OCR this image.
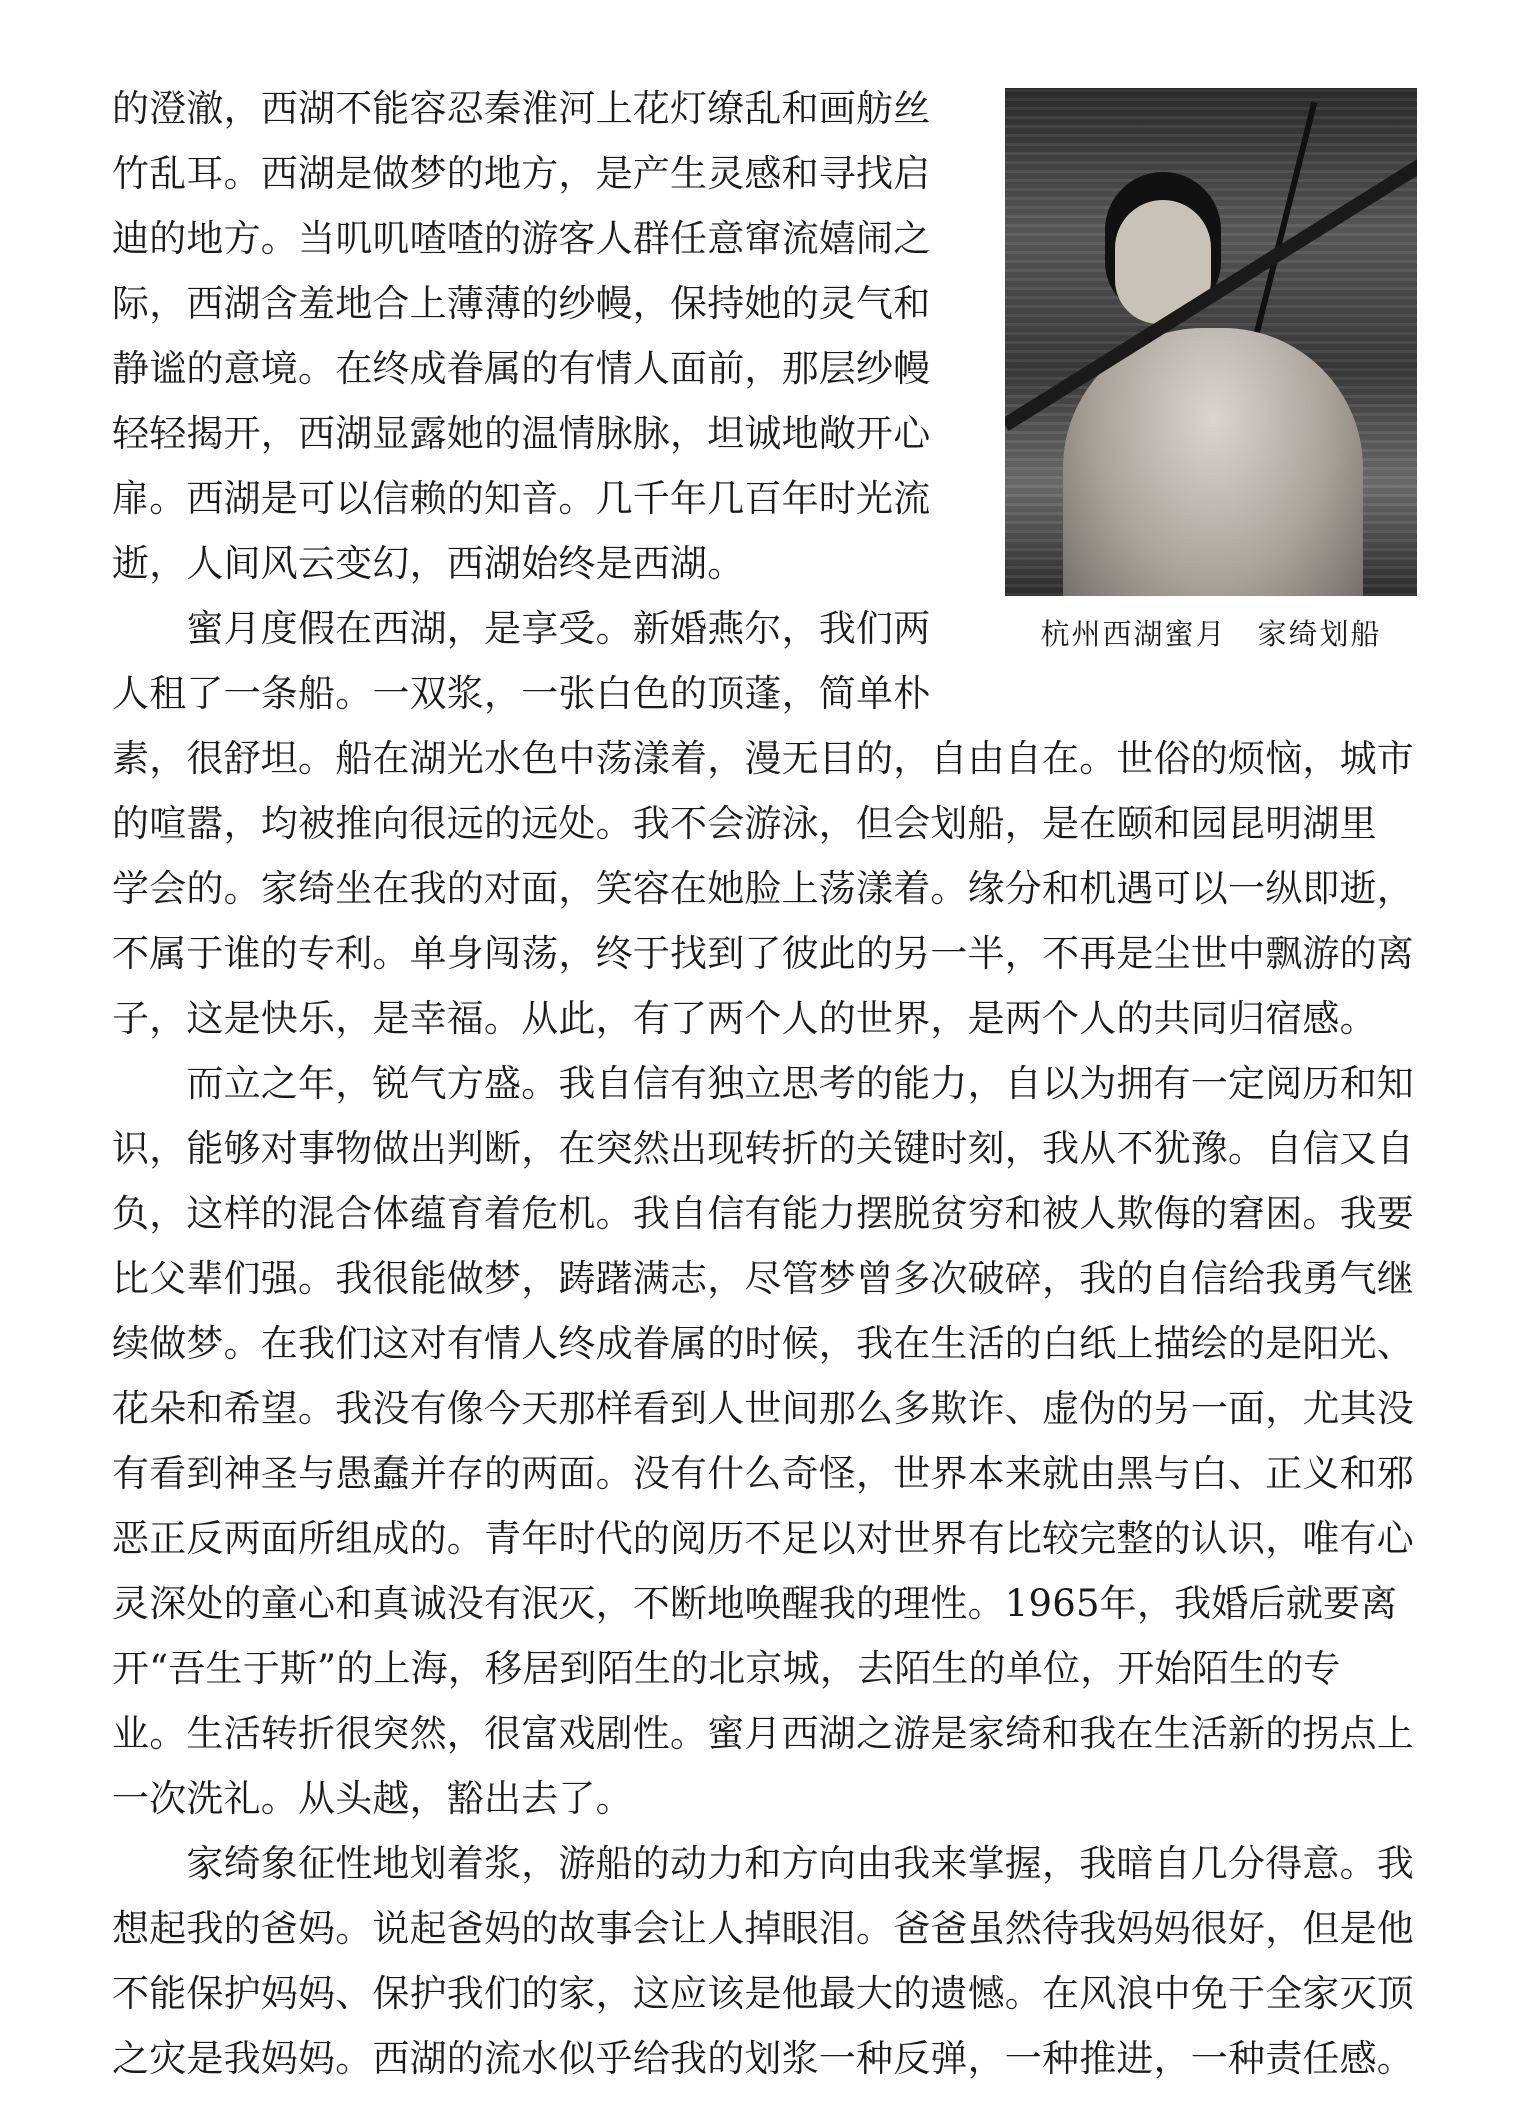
杭州西湖蜜月　家绮划船
的澄澈，西湖不能容忍秦淮河上花灯缭乱和画舫丝
竹乱耳。西湖是做梦的地方，是产生灵感和寻找启
迪的地方。当叽叽喳喳的游客人群任意窜流嬉闹之
际，西湖含羞地合上薄薄的纱幔，保持她的灵气和
静谧的意境。在终成眷属的有情人面前，那层纱幔
轻轻揭开，西湖显露她的温情脉脉，坦诚地敞开心
扉。西湖是可以信赖的知音。几千年几百年时光流
逝，人间风云变幻，西湖始终是西湖。
　　蜜月度假在西湖，是享受。新婚燕尔，我们两
人租了一条船。一双浆，一张白色的顶蓬，简单朴
素，很舒坦。船在湖光水色中荡漾着，漫无目的，自由自在。世俗的烦恼，城市
的喧嚣，均被推向很远的远处。我不会游泳，但会划船，是在颐和园昆明湖里
学会的。家绮坐在我的对面，笑容在她脸上荡漾着。缘分和机遇可以一纵即逝，
不属于谁的专利。单身闯荡，终于找到了彼此的另一半，不再是尘世中飘游的离
子，这是快乐，是幸福。从此，有了两个人的世界，是两个人的共同归宿感。
　　而立之年，锐气方盛。我自信有独立思考的能力，自以为拥有一定阅历和知
识，能够对事物做出判断，在突然出现转折的关键时刻，我从不犹豫。自信又自
负，这样的混合体蕴育着危机。我自信有能力摆脱贫穷和被人欺侮的窘困。我要
比父辈们强。我很能做梦，踌躇满志，尽管梦曾多次破碎，我的自信给我勇气继
续做梦。在我们这对有情人终成眷属的时候，我在生活的白纸上描绘的是阳光、
花朵和希望。我没有像今天那样看到人世间那么多欺诈、虚伪的另一面，尤其没
有看到神圣与愚蠢并存的两面。没有什么奇怪，世界本来就由黑与白、正义和邪
恶正反两面所组成的。青年时代的阅历不足以对世界有比较完整的认识，唯有心
灵深处的童心和真诚没有泯灭，不断地唤醒我的理性。1965年，我婚后就要离
开“吾生于斯”的上海，移居到陌生的北京城，去陌生的单位，开始陌生的专
业。生活转折很突然，很富戏剧性。蜜月西湖之游是家绮和我在生活新的拐点上
一次洗礼。从头越，豁出去了。
　　家绮象征性地划着浆，游船的动力和方向由我来掌握，我暗自几分得意。我
想起我的爸妈。说起爸妈的故事会让人掉眼泪。爸爸虽然待我妈妈很好，但是他
不能保护妈妈、保护我们的家，这应该是他最大的遗憾。在风浪中免于全家灭顶
之灾是我妈妈。西湖的流水似乎给我的划浆一种反弹，一种推进，一种责任感。
